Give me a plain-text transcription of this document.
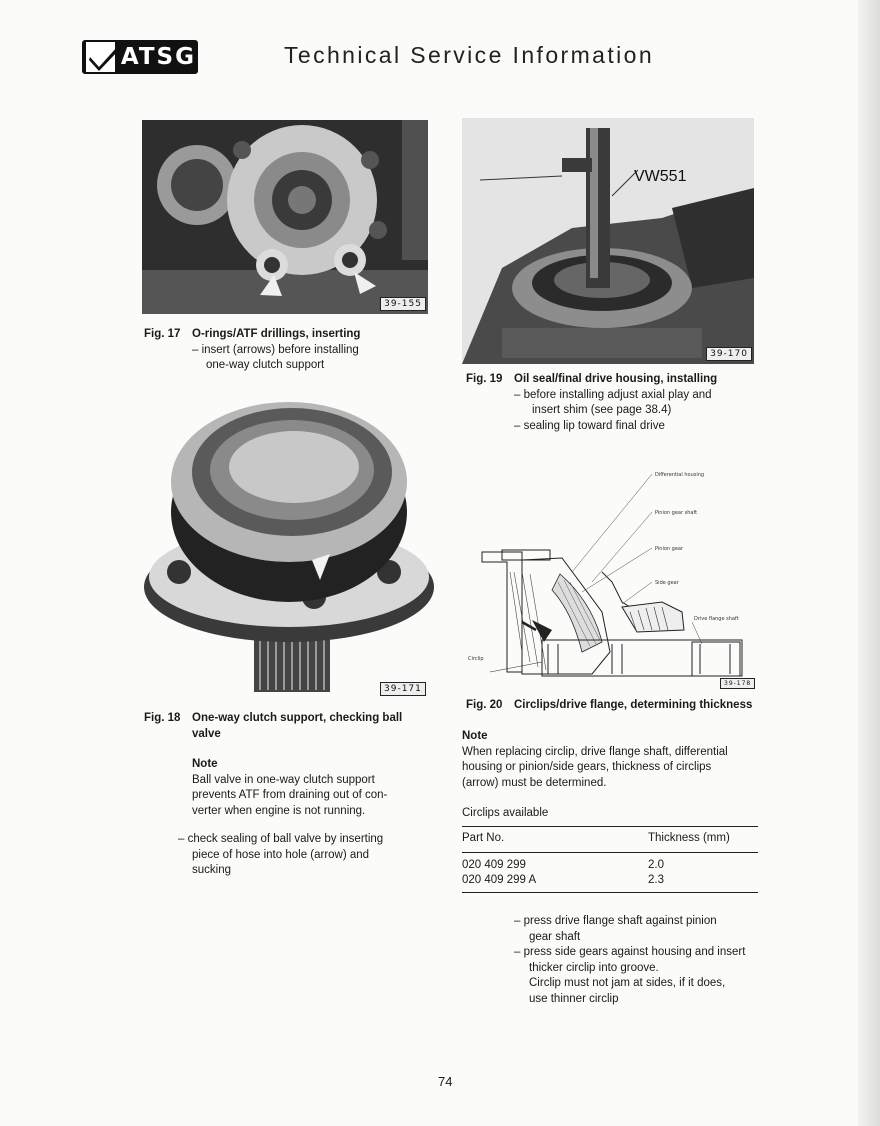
ATSG	Technical Service Information
39-155
Fig. 17 O-rings/ATF drillings, inserting
– insert (arrows) before installing
one-way clutch support
39-171
Fig. 18 One-way clutch support, checking ball
valve
Note
Ball valve in one-way clutch support
prevents ATF from draining out of con-
verter when engine is not running.
– check sealing of ball valve by inserting
piece of hose into hole (arrow) and
sucking
VW551
39-170
Fig. 19 Oil seal/final drive housing, installing
– before installing adjust axial play and
insert shim (see page 38.4)
– sealing lip toward final drive
Differential housing
Pinion gear shaft
Pinion gear
Side gear
Drive flange shaft
Circlip
39-178
Fig. 20 Circlips/drive flange, determining thickness
Note
When replacing circlip, drive flange shaft, differential
housing or pinion/side gears, thickness of circlips
(arrow) must be determined.
Circlips available
Part No.	Thickness (mm)
020 409 299	2.0
020 409 299 A	2.3
– press drive flange shaft against pinion
gear shaft
– press side gears against housing and insert
thicker circlip into groove.
Circlip must not jam at sides, if it does,
use thinner circlip
74
